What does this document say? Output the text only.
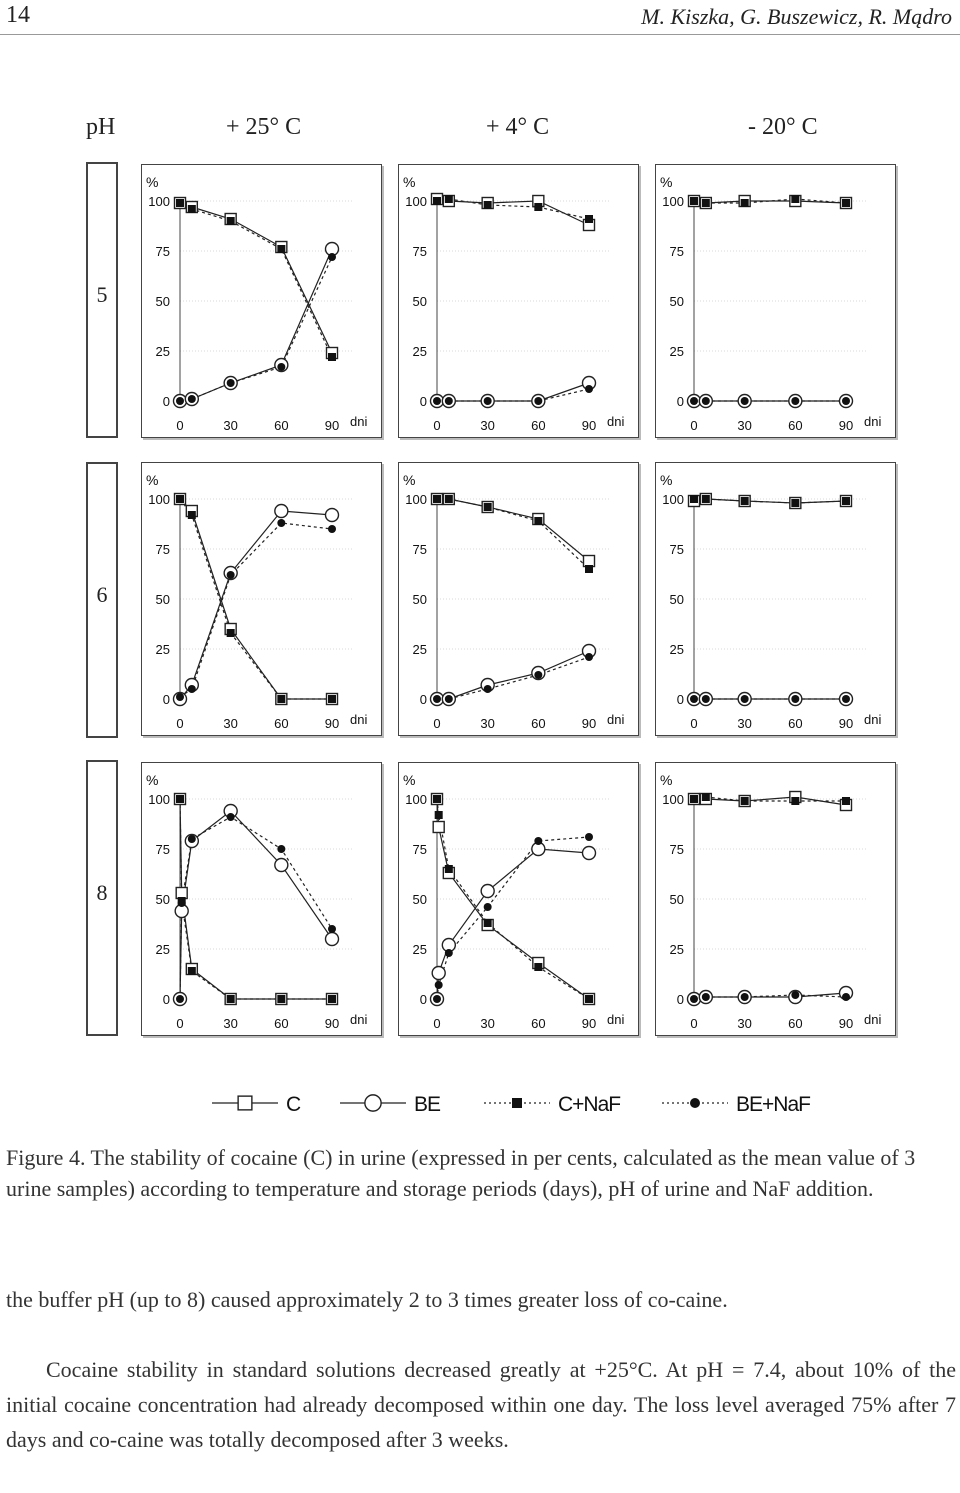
14	M. Kiszka, G. Buszewicz, R. Mądro
pH	+ 25° C	+ 4° C	- 20° C
5
6
8
%
100
75
50
25
0
0	30	60	90 dni
%
100
75
50
25
0
0	30	60	90 dni
%
100
75
50
25
0
0	30	60	90 dni
%
100
75
50
25
0
0	30	60	90 dni
%
100
75
50
25
0
0	30	60	90 dni
%
100
75
50
25
0
0	30	60	90 dni
%
100
75
50
25
0
0	30	60	90 dni
%
100
75
50
25
0
0	30	60	90 dni
%
100
75
50
25
0
0	30	60	90 dni
C	BE	C+NaF	BE+NaF
Figure 4. The stability of cocaine (C) in urine (expressed in per cents, calculated as the mean value of 3 urine samples) according to temperature and storage periods (days), pH of urine and NaF addition.
the buffer pH (up to 8) caused approximately 2 to 3 times greater loss of co-caine.
Cocaine stability in standard solutions decreased greatly at +25°C. At pH = 7.4, about 10% of the initial cocaine concentration had already decomposed within one day. The loss level averaged 75% after 7 days and co-caine was totally decomposed after 3 weeks.
